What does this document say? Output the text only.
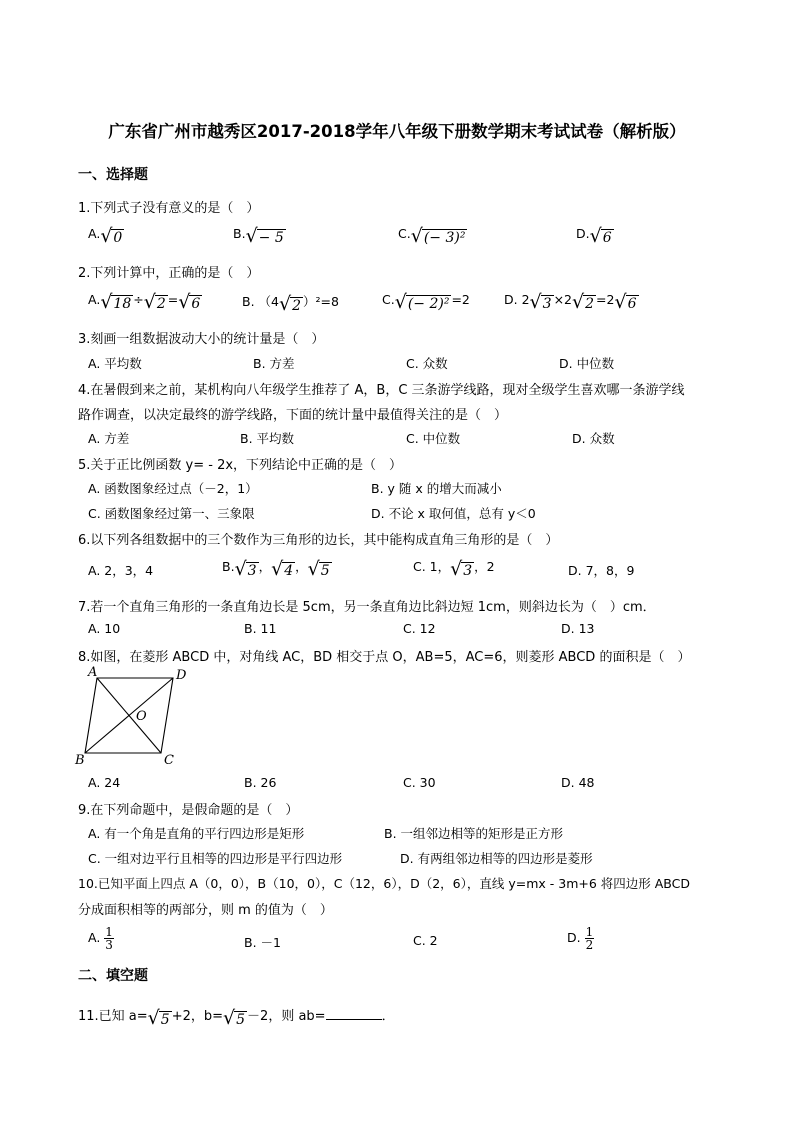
广东省广州市越秀区2017-2018学年八年级下册数学期末考试试卷（解析版）
一、选择题
1.下列式子没有意义的是（　）
A.√0	B.√− 5	C.√(− 3)²	D.√6
2.下列计算中，正确的是（　）
A.√18 ÷√2 =√6	B. （4√2 ）²=8	C.√(− 2)² =2	D. 2√3 ×2√2 =2√6
3.刻画一组数据波动大小的统计量是（　）
A. 平均数	B. 方差	C. 众数	D. 中位数
4.在暑假到来之前，某机构向八年级学生推荐了 A，B，C 三条游学线路，现对全级学生喜欢哪一条游学线
路作调查，以决定最终的游学线路，下面的统计量中最值得关注的是（　）
A. 方差	B. 平均数	C. 中位数	D. 众数
5.关于正比例函数 y= - 2x，下列结论中正确的是（　）
A. 函数图象经过点（－2，1）	B. y 随 x 的增大而减小
C. 函数图象经过第一、三象限	D. 不论 x 取何值，总有 y＜0
6.以下列各组数据中的三个数作为三角形的边长，其中能构成直角三角形的是（　）
A. 2，3，4	B.√3 ，√4 ，√5	C. 1，√3 ，2	D. 7，8，9
7.若一个直角三角形的一条直角边长是 5cm，另一条直角边比斜边短 1cm，则斜边长为（　）cm．
A. 10	B. 11	C. 12	D. 13
8.如图，在菱形 ABCD 中，对角线 AC，BD 相交于点 O，AB=5，AC=6，则菱形 ABCD 的面积是（　）
A	D
O
B	C
A. 24	B. 26	C. 30	D. 48
9.在下列命题中，是假命题的是（　）
A. 有一个角是直角的平行四边形是矩形	B. 一组邻边相等的矩形是正方形
C. 一组对边平行且相等的四边形是平行四边形	D. 有两组邻边相等的四边形是菱形
10.已知平面上四点 A（0，0），B（10，0），C（12，6），D（2，6），直线 y=mx - 3m+6 将四边形 ABCD
分成面积相等的两部分，则 m 的值为（　）
A. $\frac{1}{3}$	B. －1	C. 2	D. $\frac{1}{2}$
二、填空题
11.已知 a=√5 +2，b=√5 －2，则 ab=	．
